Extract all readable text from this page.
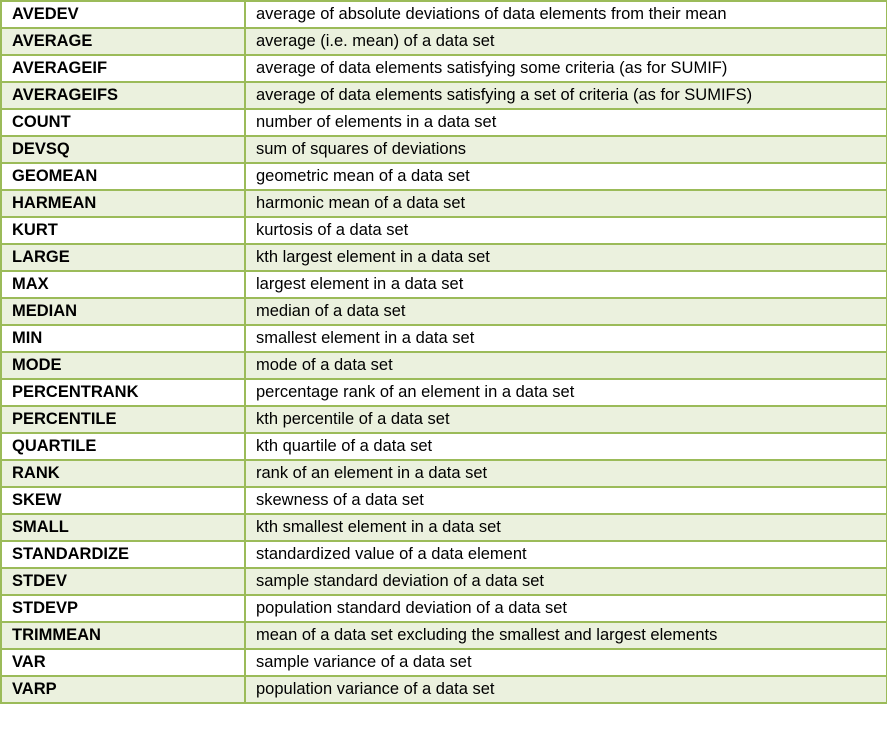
AVEDEV	average of absolute deviations of data elements from their mean
AVERAGE	average (i.e. mean) of a data set
AVERAGEIF	average of data elements satisfying some criteria (as for SUMIF)
AVERAGEIFS	average of data elements satisfying a set of criteria (as for SUMIFS)
COUNT	number of elements in a data set
DEVSQ	sum of squares of deviations
GEOMEAN	geometric mean of a data set
HARMEAN	harmonic mean of a data set
KURT	kurtosis of a data set
LARGE	kth largest element in a data set
MAX	largest element in a data set
MEDIAN	median of a data set
MIN	smallest element in a data set
MODE	mode of a data set
PERCENTRANK	percentage rank of an element in a data set
PERCENTILE	kth percentile of a data set
QUARTILE	kth quartile of a data set
RANK	rank of an element in a data set
SKEW	skewness of a data set
SMALL	kth smallest element in a data set
STANDARDIZE	standardized value of a data element
STDEV	sample standard deviation of a data set
STDEVP	population standard deviation of a data set
TRIMMEAN	mean of a data set excluding the smallest and largest elements
VAR	sample variance of a data set
VARP	population variance of a data set
